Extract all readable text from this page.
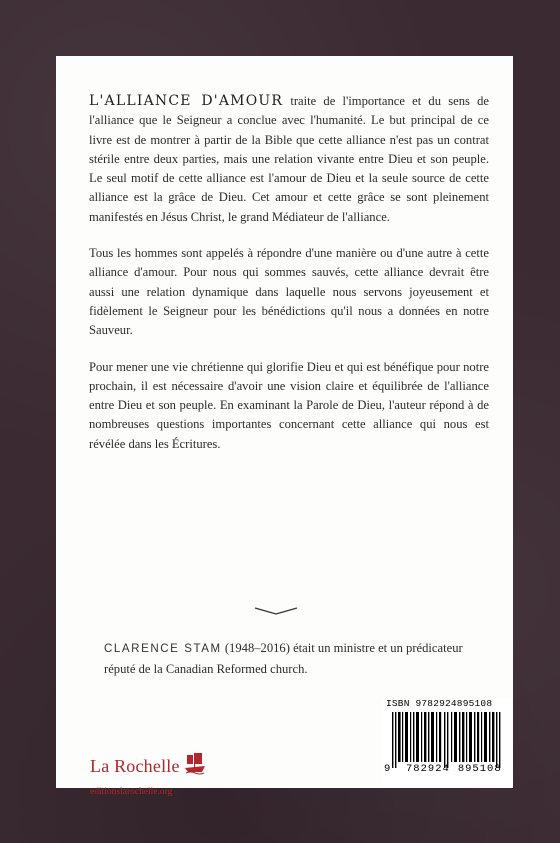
L'ALLIANCE D'AMOUR traite de l'importance et du sens de l'alliance que le Seigneur a conclue avec l'humanité. Le but principal de ce livre est de montrer à partir de la Bible que cette alliance n'est pas un contrat stérile entre deux parties, mais une relation vivante entre Dieu et son peuple. Le seul motif de cette alliance est l'amour de Dieu et la seule source de cette alliance est la grâce de Dieu. Cet amour et cette grâce se sont pleinement manifestés en Jésus Christ, le grand Médiateur de l'alliance.

Tous les hommes sont appelés à répondre d'une manière ou d'une autre à cette alliance d'amour. Pour nous qui sommes sauvés, cette alliance devrait être aussi une relation dynamique dans laquelle nous servons joyeusement et fidèlement le Seigneur pour les bénédictions qu'il nous a données en notre Sauveur.

Pour mener une vie chrétienne qui glorifie Dieu et qui est bénéfique pour notre prochain, il est nécessaire d'avoir une vision claire et équilibrée de l'alliance entre Dieu et son peuple. En examinant la Parole de Dieu, l'auteur répond à de nombreuses questions importantes concernant cette alliance qui nous est révélée dans les Écritures.

CLARENCE STAM (1948–2016) était un ministre et un prédicateur réputé de la Canadian Reformed church.
La Rochelle
editionslarochelle.org
ISBN 9782924895108
9	782924 895108
